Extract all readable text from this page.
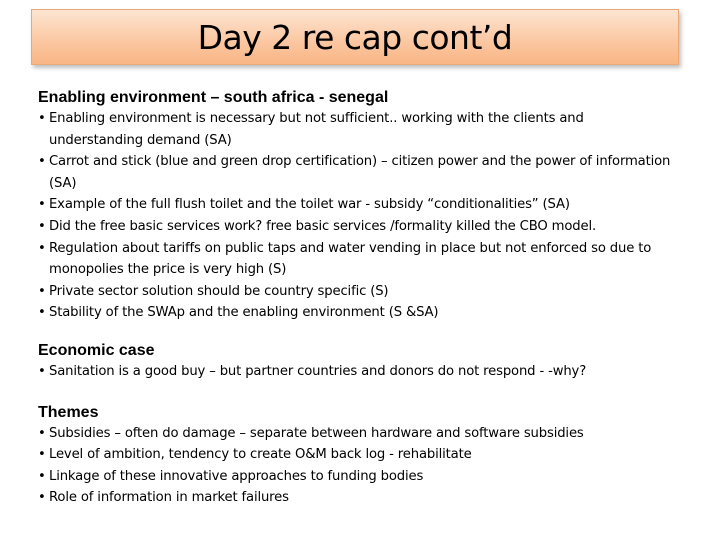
Day 2 re cap cont’d
Enabling environment – south africa - senegal
• Enabling environment is necessary but not sufficient.. working with the clients and understanding demand (SA)
• Carrot and stick (blue and green drop certification) – citizen power and the power of information (SA)
• Example of the full flush toilet and the toilet war - subsidy “conditionalities” (SA)
• Did the free basic services work? free basic services /formality killed the CBO model.
• Regulation about tariffs on public taps and water vending in place but not enforced so due to monopolies the price is very high (S)
• Private sector solution should be country specific (S)
• Stability of the SWAp and the enabling environment (S &SA)
Economic case
• Sanitation is a good buy – but partner countries and donors do not respond - -why?
Themes
• Subsidies – often do damage – separate between hardware and software subsidies
• Level of ambition, tendency to create O&M back log - rehabilitate
• Linkage of these innovative approaches to funding bodies
• Role of information in market failures
